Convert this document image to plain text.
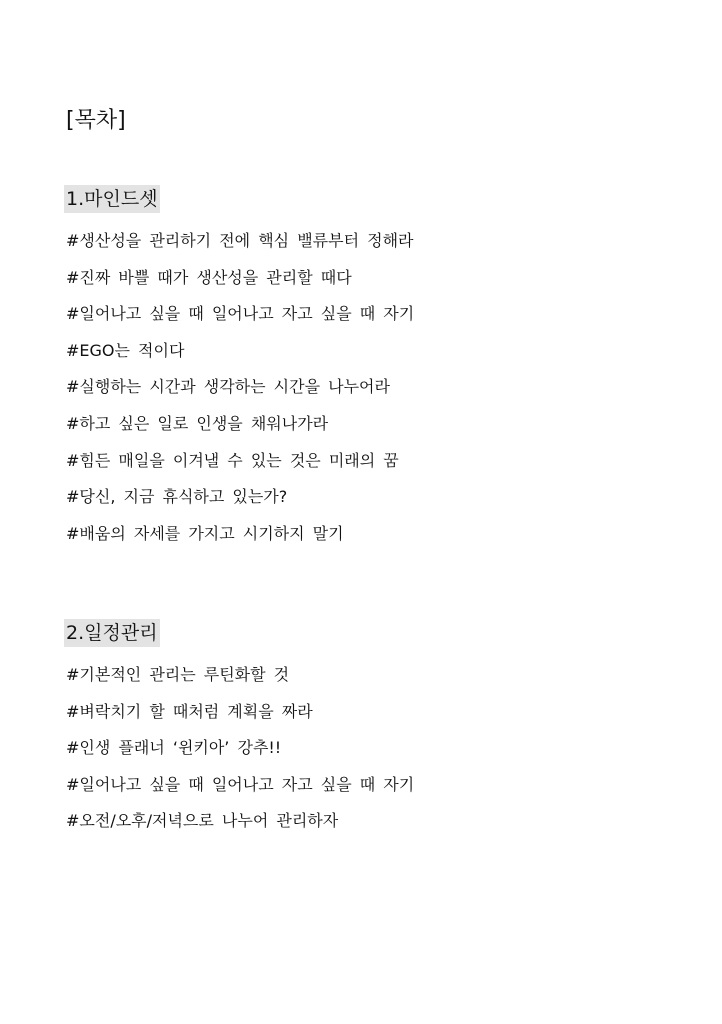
[목차]
1.마인드셋
#생산성을 관리하기 전에 핵심 밸류부터 정해라
#진짜 바쁠 때가 생산성을 관리할 때다
#일어나고 싶을 때 일어나고 자고 싶을 때 자기
#EGO는 적이다
#실행하는 시간과 생각하는 시간을 나누어라
#하고 싶은 일로 인생을 채워나가라
#힘든 매일을 이겨낼 수 있는 것은 미래의 꿈
#당신, 지금 휴식하고 있는가?
#배움의 자세를 가지고 시기하지 말기
2.일정관리
#기본적인 관리는 루틴화할 것
#벼락치기 할 때처럼 계획을 짜라
#인생 플래너 ‘윈키아’ 강추!!
#일어나고 싶을 때 일어나고 자고 싶을 때 자기
#오전/오후/저녁으로 나누어 관리하자
